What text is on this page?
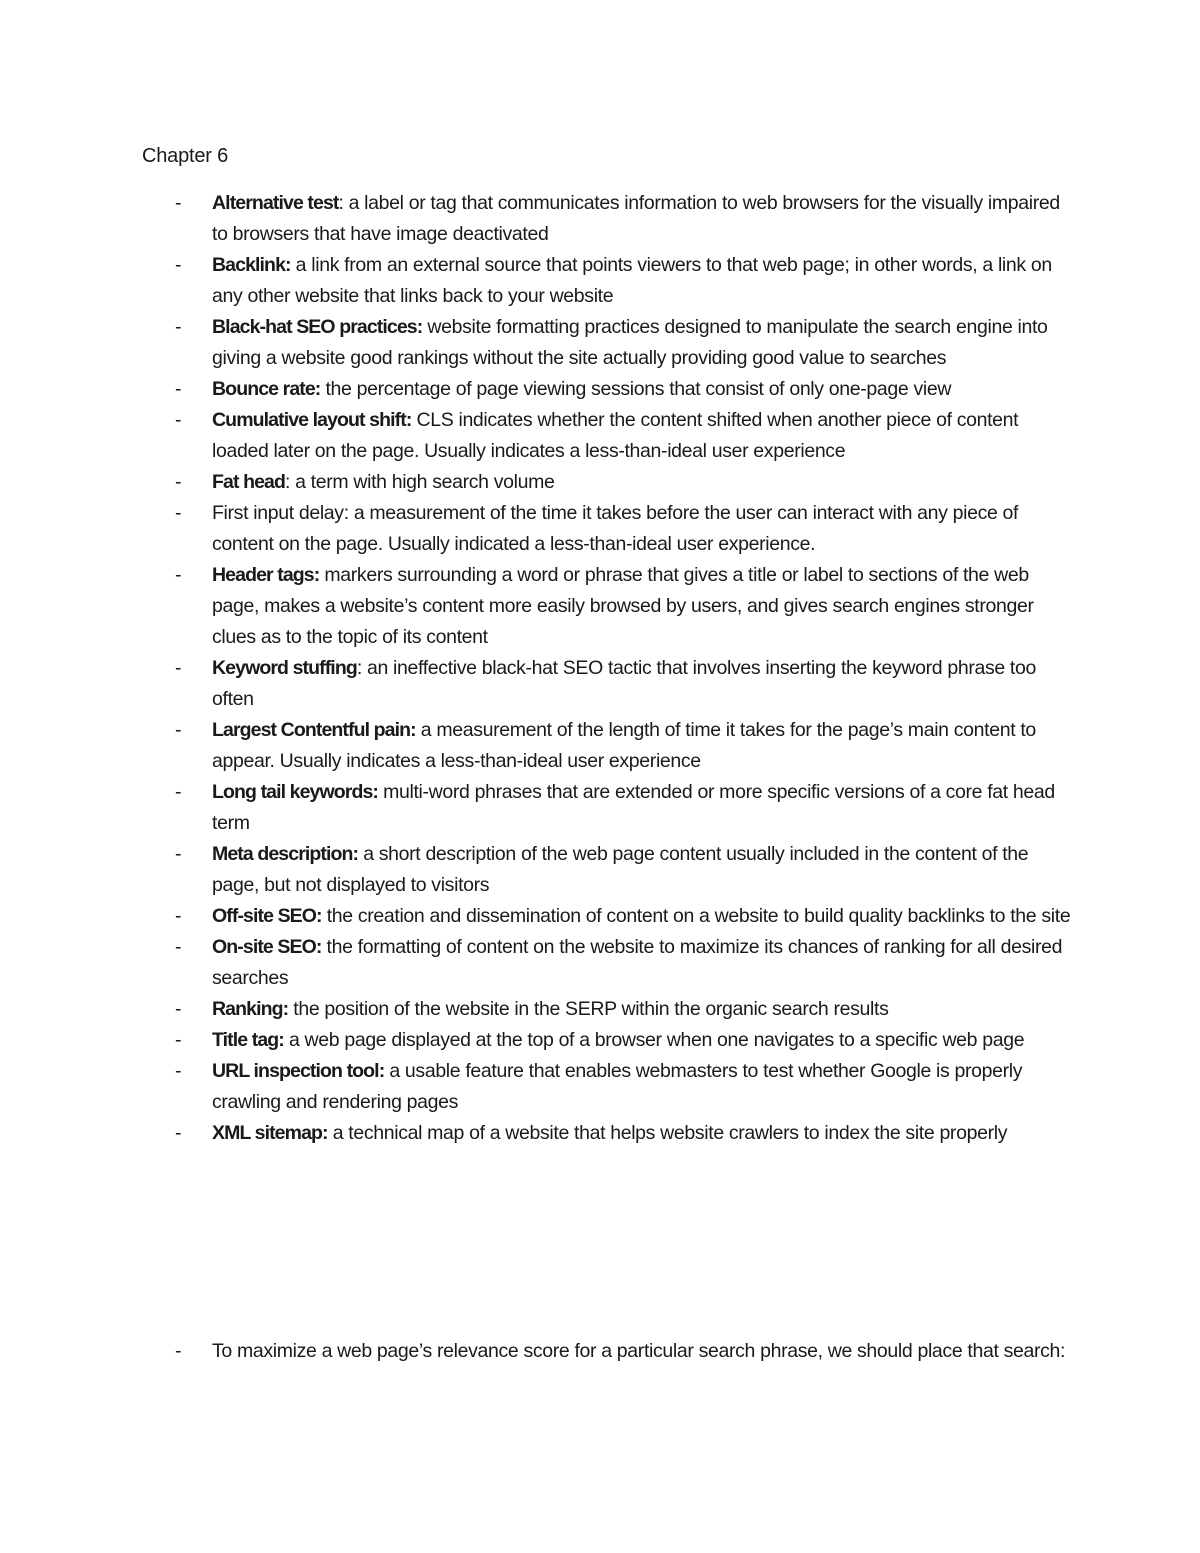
Chapter 6
- Alternative test: a label or tag that communicates information to web browsers for the visually impaired to browsers that have image deactivated
- Backlink: a link from an external source that points viewers to that web page; in other words, a link on any other website that links back to your website
- Black-hat SEO practices: website formatting practices designed to manipulate the search engine into giving a website good rankings without the site actually providing good value to searches
- Bounce rate: the percentage of page viewing sessions that consist of only one-page view
- Cumulative layout shift: CLS indicates whether the content shifted when another piece of content loaded later on the page. Usually indicates a less-than-ideal user experience
- Fat head: a term with high search volume
- First input delay: a measurement of the time it takes before the user can interact with any piece of content on the page. Usually indicated a less-than-ideal user experience.
- Header tags: markers surrounding a word or phrase that gives a title or label to sections of the web page, makes a website’s content more easily browsed by users, and gives search engines stronger clues as to the topic of its content
- Keyword stuffing: an ineffective black-hat SEO tactic that involves inserting the keyword phrase too often
- Largest Contentful pain: a measurement of the length of time it takes for the page’s main content to appear. Usually indicates a less-than-ideal user experience
- Long tail keywords: multi-word phrases that are extended or more specific versions of a core fat head term
- Meta description: a short description of the web page content usually included in the content of the page, but not displayed to visitors
- Off-site SEO: the creation and dissemination of content on a website to build quality backlinks to the site
- On-site SEO: the formatting of content on the website to maximize its chances of ranking for all desired searches
- Ranking: the position of the website in the SERP within the organic search results
- Title tag: a web page displayed at the top of a browser when one navigates to a specific web page
- URL inspection tool: a usable feature that enables webmasters to test whether Google is properly crawling and rendering pages
- XML sitemap: a technical map of a website that helps website crawlers to index the site properly
- To maximize a web page’s relevance score for a particular search phrase, we should place that search:
